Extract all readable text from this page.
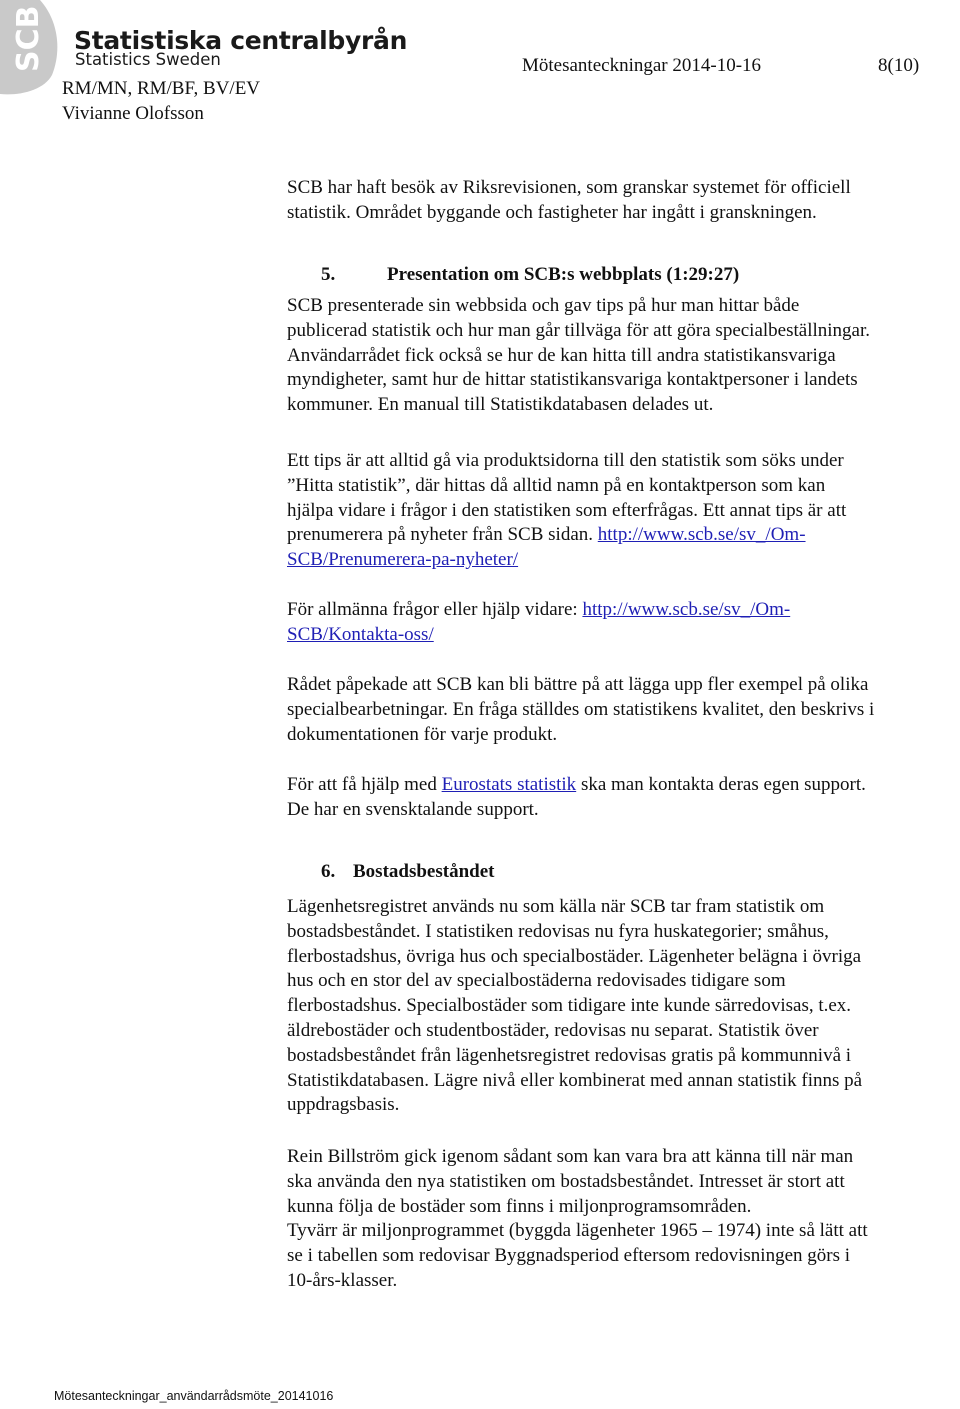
SCB Statistiska centralbyrån
Statistics Sweden	Mötesanteckningar 2014-10-16	8(10)
RM/MN, RM/BF, BV/EV
Vivianne Olofsson
SCB har haft besök av Riksrevisionen, som granskar systemet för officiell
statistik. Området byggande och fastigheter har ingått i granskningen.
5.	Presentation om SCB:s webbplats (1:29:27)
SCB presenterade sin webbsida och gav tips på hur man hittar både
publicerad statistik och hur man går tillväga för att göra specialbeställningar.
Användarrådet fick också se hur de kan hitta till andra statistikansvariga
myndigheter, samt hur de hittar statistikansvariga kontaktpersoner i landets
kommuner. En manual till Statistikdatabasen delades ut.
Ett tips är att alltid gå via produktsidorna till den statistik som söks under
”Hitta statistik”, där hittas då alltid namn på en kontaktperson som kan
hjälpa vidare i frågor i den statistiken som efterfrågas. Ett annat tips är att
prenumerera på nyheter från SCB sidan. http://www.scb.se/sv_/Om-
SCB/Prenumerera-pa-nyheter/
För allmänna frågor eller hjälp vidare: http://www.scb.se/sv_/Om-
SCB/Kontakta-oss/
Rådet påpekade att SCB kan bli bättre på att lägga upp fler exempel på olika
specialbearbetningar. En fråga ställdes om statistikens kvalitet, den beskrivs i
dokumentationen för varje produkt.
För att få hjälp med Eurostats statistik ska man kontakta deras egen support.
De har en svensktalande support.
6. Bostadsbeståndet
Lägenhetsregistret används nu som källa när SCB tar fram statistik om
bostadsbeståndet. I statistiken redovisas nu fyra huskategorier; småhus,
flerbostadshus, övriga hus och specialbostäder. Lägenheter belägna i övriga
hus och en stor del av specialbostäderna redovisades tidigare som
flerbostadshus. Specialbostäder som tidigare inte kunde särredovisas, t.ex.
äldrebostäder och studentbostäder, redovisas nu separat. Statistik över
bostadsbeståndet från lägenhetsregistret redovisas gratis på kommunnivå i
Statistikdatabasen. Lägre nivå eller kombinerat med annan statistik finns på
uppdragsbasis.
Rein Billström gick igenom sådant som kan vara bra att känna till när man
ska använda den nya statistiken om bostadsbeståndet. Intresset är stort att
kunna följa de bostäder som finns i miljonprogramsområden.
Tyvärr är miljonprogrammet (byggda lägenheter 1965 – 1974) inte så lätt att
se i tabellen som redovisar Byggnadsperiod eftersom redovisningen görs i
10-års-klasser.
Mötesanteckningar_användarrådsmöte_20141016
